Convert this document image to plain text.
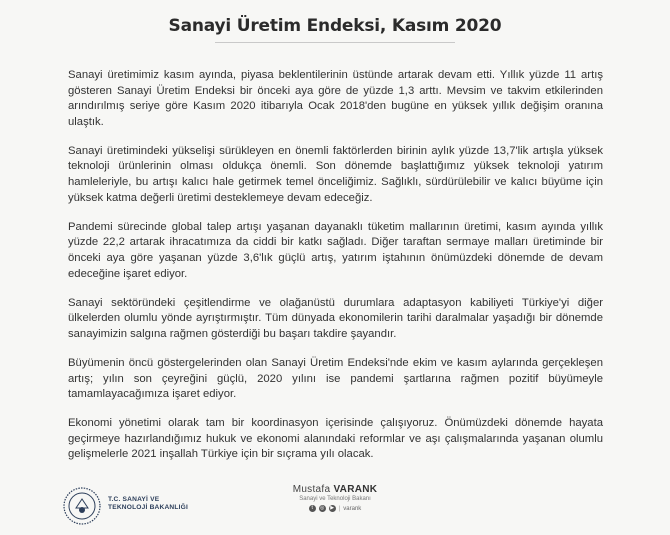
Sanayi Üretim Endeksi, Kasım 2020

Sanayi üretimimiz kasım ayında, piyasa beklentilerinin üstünde artarak devam etti. Yıllık yüzde 11 artış gösteren Sanayi Üretim Endeksi bir önceki aya göre de yüzde 1,3 arttı. Mevsim ve takvim etkilerinden arındırılmış seriye göre Kasım 2020 itibarıyla Ocak 2018'den bugüne en yüksek yıllık değişim oranına ulaştık.

Sanayi üretimindeki yükselişi sürükleyen en önemli faktörlerden birinin aylık yüzde 13,7'lik artışla yüksek teknoloji ürünlerinin olması oldukça önemli. Son dönemde başlattığımız yüksek teknoloji yatırım hamleleriyle, bu artışı kalıcı hale getirmek temel önceliğimiz. Sağlıklı, sürdürülebilir ve kalıcı büyüme için yüksek katma değerli üretimi desteklemeye devam edeceğiz.

Pandemi sürecinde global talep artışı yaşanan dayanaklı tüketim mallarının üretimi, kasım ayında yıllık yüzde 22,2 artarak ihracatımıza da ciddi bir katkı sağladı. Diğer taraftan sermaye malları üretiminde bir önceki aya göre yaşanan yüzde 3,6'lık güçlü artış, yatırım iştahının önümüzdeki dönemde de devam edeceğine işaret ediyor.

Sanayi sektöründeki çeşitlendirme ve olağanüstü durumlara adaptasyon kabiliyeti Türkiye'yi diğer ülkelerden olumlu yönde ayrıştırmıştır. Tüm dünyada ekonomilerin tarihi daralmalar yaşadığı bir dönemde sanayimizin salgına rağmen gösterdiği bu başarı takdire şayandır.

Büyümenin öncü göstergelerinden olan Sanayi Üretim Endeksi'nde ekim ve kasım aylarında gerçekleşen artış; yılın son çeyreğini güçlü, 2020 yılını ise pandemi şartlarına rağmen pozitif büyümeyle tamamlayacağımıza işaret ediyor.

Ekonomi yönetimi olarak tam bir koordinasyon içerisinde çalışıyoruz. Önümüzdeki dönemde hayata geçirmeye hazırlandığımız hukuk ve ekonomi alanındaki reformlar ve aşı çalışmalarında yaşanan olumlu gelişmelerle 2021 inşallah Türkiye için bir sıçrama yılı olacak.

T.C. SANAYİ VE
TEKNOLOJİ BAKANLIĞI
Mustafa VARANK
Sanayi ve Teknoloji Bakanı
t	◎	▶ | varank
